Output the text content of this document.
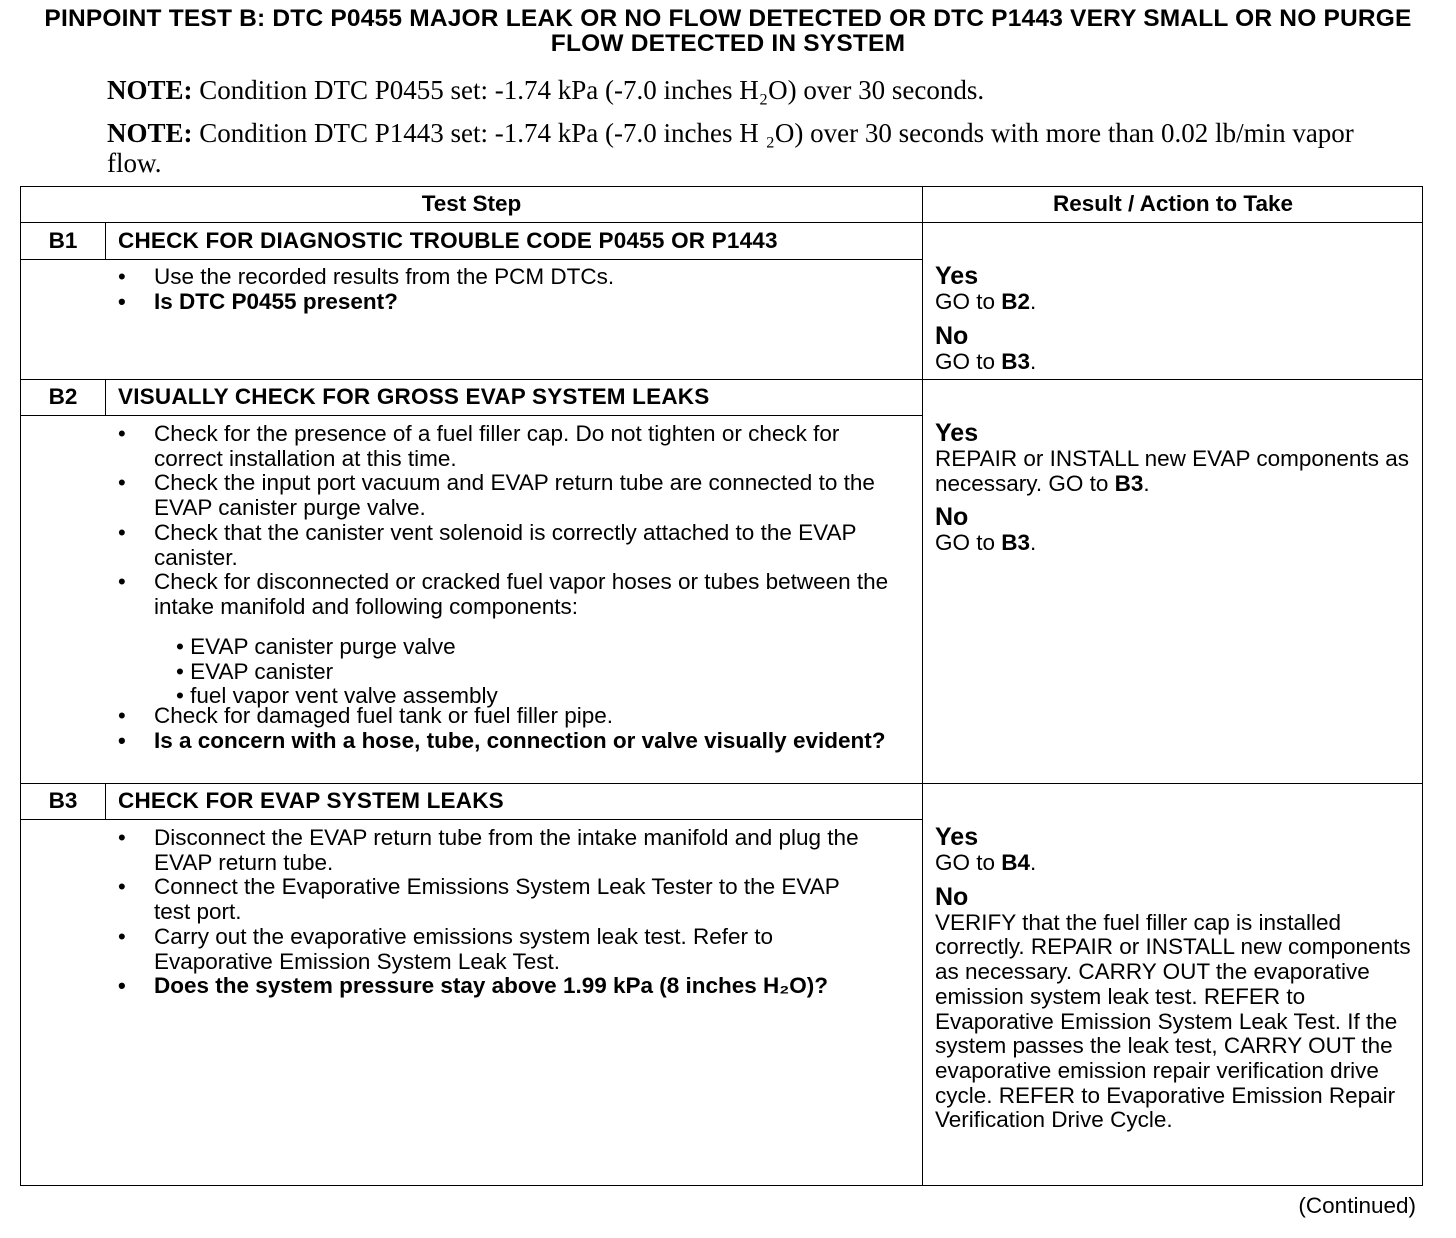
PINPOINT TEST B: DTC P0455 MAJOR LEAK OR NO FLOW DETECTED OR DTC P1443 VERY SMALL OR NO PURGE FLOW DETECTED IN SYSTEM
NOTE: Condition DTC P0455 set: -1.74 kPa (-7.0 inches H₂O) over 30 seconds.
NOTE: Condition DTC P1443 set: -1.74 kPa (-7.0 inches H ₂O) over 30 seconds with more than 0.02 lb/min vapor flow.
Test Step	Result / Action to Take
B1	CHECK FOR DIAGNOSTIC TROUBLE CODE P0455 OR P1443
• Use the recorded results from the PCM DTCs.
• Is DTC P0455 present?
Yes
GO to B2.
No
GO to B3.
B2	VISUALLY CHECK FOR GROSS EVAP SYSTEM LEAKS
• Check for the presence of a fuel filler cap. Do not tighten or check for correct installation at this time.
• Check the input port vacuum and EVAP return tube are connected to the EVAP canister purge valve.
• Check that the canister vent solenoid is correctly attached to the EVAP canister.
• Check for disconnected or cracked fuel vapor hoses or tubes between the intake manifold and following components:
• EVAP canister purge valve
• EVAP canister
• fuel vapor vent valve assembly
• Check for damaged fuel tank or fuel filler pipe.
• Is a concern with a hose, tube, connection or valve visually evident?
Yes
REPAIR or INSTALL new EVAP components as necessary. GO to B3.
No
GO to B3.
B3	CHECK FOR EVAP SYSTEM LEAKS
• Disconnect the EVAP return tube from the intake manifold and plug the EVAP return tube.
• Connect the Evaporative Emissions System Leak Tester to the EVAP test port.
• Carry out the evaporative emissions system leak test. Refer to Evaporative Emission System Leak Test.
• Does the system pressure stay above 1.99 kPa (8 inches H₂O)?
Yes
GO to B4.
No
VERIFY that the fuel filler cap is installed correctly. REPAIR or INSTALL new components as necessary. CARRY OUT the evaporative emission system leak test. REFER to Evaporative Emission System Leak Test. If the system passes the leak test, CARRY OUT the evaporative emission repair verification drive cycle. REFER to Evaporative Emission Repair Verification Drive Cycle.
(Continued)
